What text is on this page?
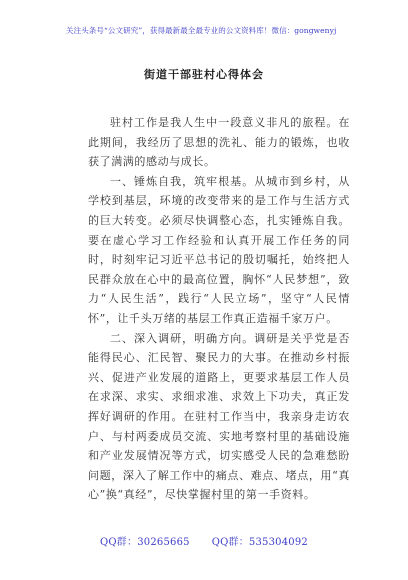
关注头条号“公文研究”，获得最新最全最专业的公文资料库！微信：gongwenyj
街道干部驻村心得体会

驻村工作是我人生中一段意义非凡的旅程。在此期间，我经历了思想的洗礼、能力的锻炼，也收获了满满的感动与成长。

一、锤炼自我，筑牢根基。从城市到乡村，从学校到基层，环境的改变带来的是工作与生活方式的巨大转变。必须尽快调整心态，扎实锤炼自我。要在虚心学习工作经验和认真开展工作任务的同时，时刻牢记习近平总书记的殷切嘱托，始终把人民群众放在心中的最高位置，胸怀“人民梦想”，致力“人民生活”，践行“人民立场”，坚守“人民情怀”，让千头万绪的基层工作真正造福千家万户。

二、深入调研，明确方向。调研是关乎党是否能得民心、汇民智、聚民力的大事。在推动乡村振兴、促进产业发展的道路上，更要求基层工作人员在求深、求实、求细求准、求效上下功夫，真正发挥好调研的作用。在驻村工作当中，我亲身走访农户、与村两委成员交流、实地考察村里的基础设施和产业发展情况等方式，切实感受人民的急难愁盼问题，深入了解工作中的痛点、难点、堵点，用“真心”换“真经”，尽快掌握村里的第一手资料。

QQ群：30265665 QQ群：535304092
